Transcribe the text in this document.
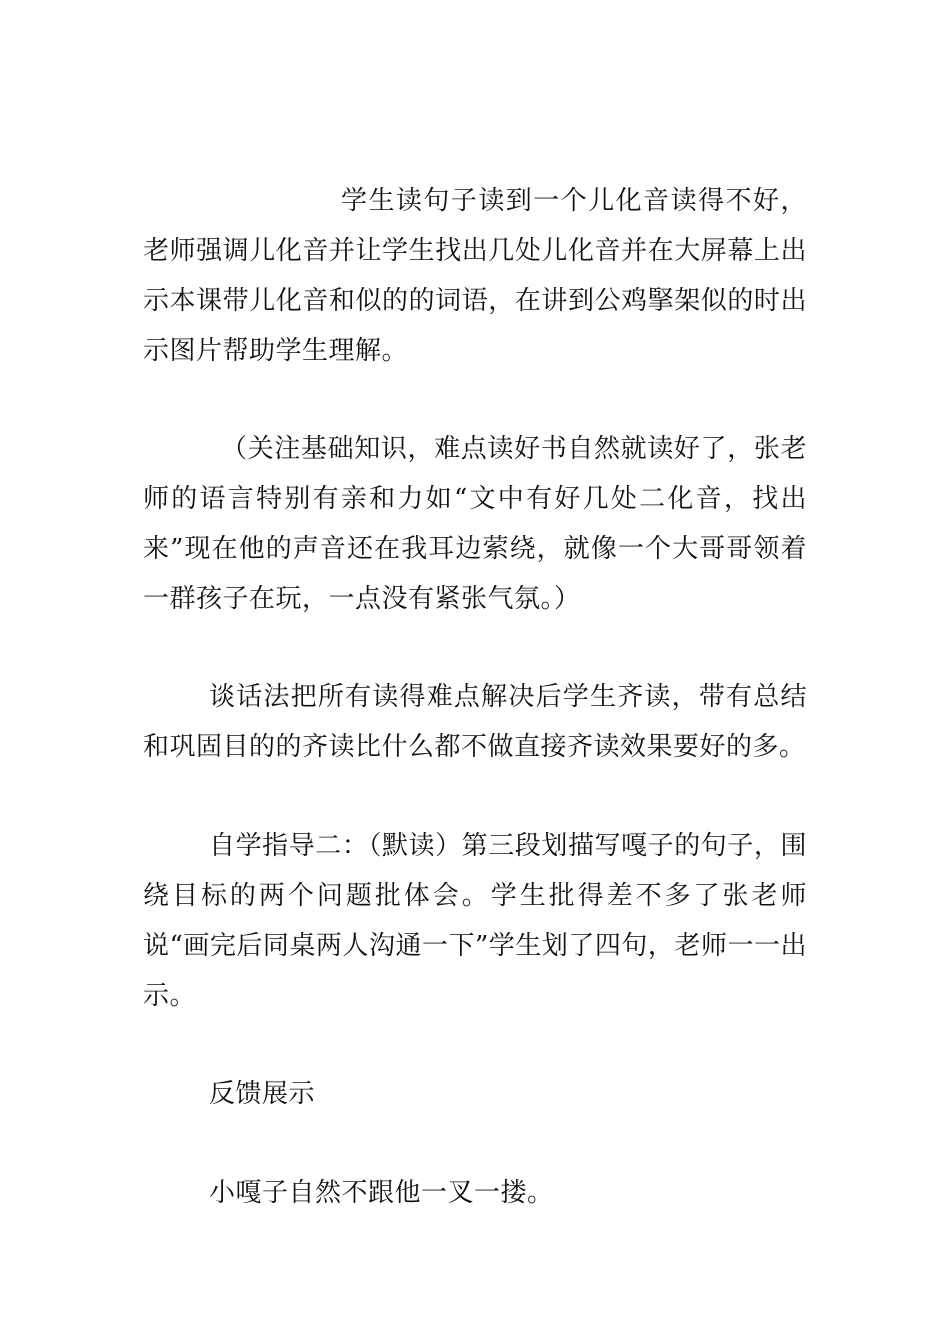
学生读句子读到一个儿化音读得不好，老师强调儿化音并让学生找出几处儿化音并在大屏幕上出示本课带儿化音和似的的词语，在讲到公鸡掔架似的时出示图片帮助学生理解。

（关注基础知识，难点读好书自然就读好了，张老师的语言特别有亲和力如“文中有好几处二化音，找出来”现在他的声音还在我耳边萦绕，就像一个大哥哥领着一群孩子在玩，一点没有紧张气氛。）

谈话法把所有读得难点解决后学生齐读，带有总结和巩固目的的齐读比什么都不做直接齐读效果要好的多。

自学指导二：（默读）第三段划描写嘎子的句子，围绕目标的两个问题批体会。学生批得差不多了张老师说“画完后同桌两人沟通一下”学生划了四句，老师一一出示。

反馈展示

小嘎子自然不跟他一叉一搂。
